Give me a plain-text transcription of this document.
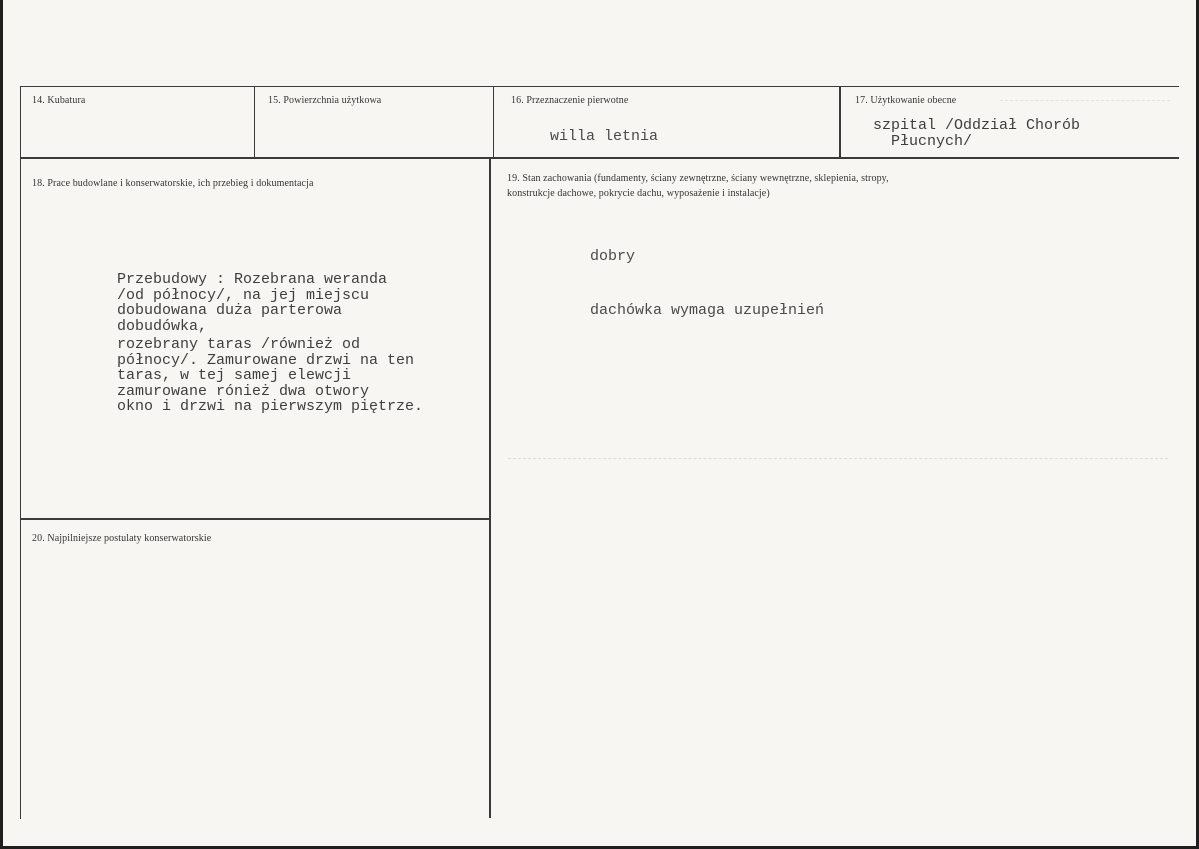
14. Kubatura	15. Powierzchnia użytkowa	16. Przeznaczenie pierwotne
willa letnia
17. Użytkowanie obecne
szpital /Oddział Chorób
Płucnych/
18. Prace budowlane i konserwatorskie, ich przebieg i dokumentacja
Przebudowy : Rozebrana weranda
/od północy/, na jej miejscu
dobudowana duża parterowa
dobudówka,
rozebrany taras /również od
północy/. Zamurowane drzwi na ten
taras, w tej samej elewcji
zamurowane rónież dwa otwory
okno i drzwi na pierwszym piętrze.
19. Stan zachowania (fundamenty, ściany zewnętrzne, ściany wewnętrzne, sklepienia, stropy,
konstrukcje dachowe, pokrycie dachu, wyposażenie i instalacje)
dobry
dachówka wymaga uzupełnień
20. Najpilniejsze postulaty konserwatorskie
